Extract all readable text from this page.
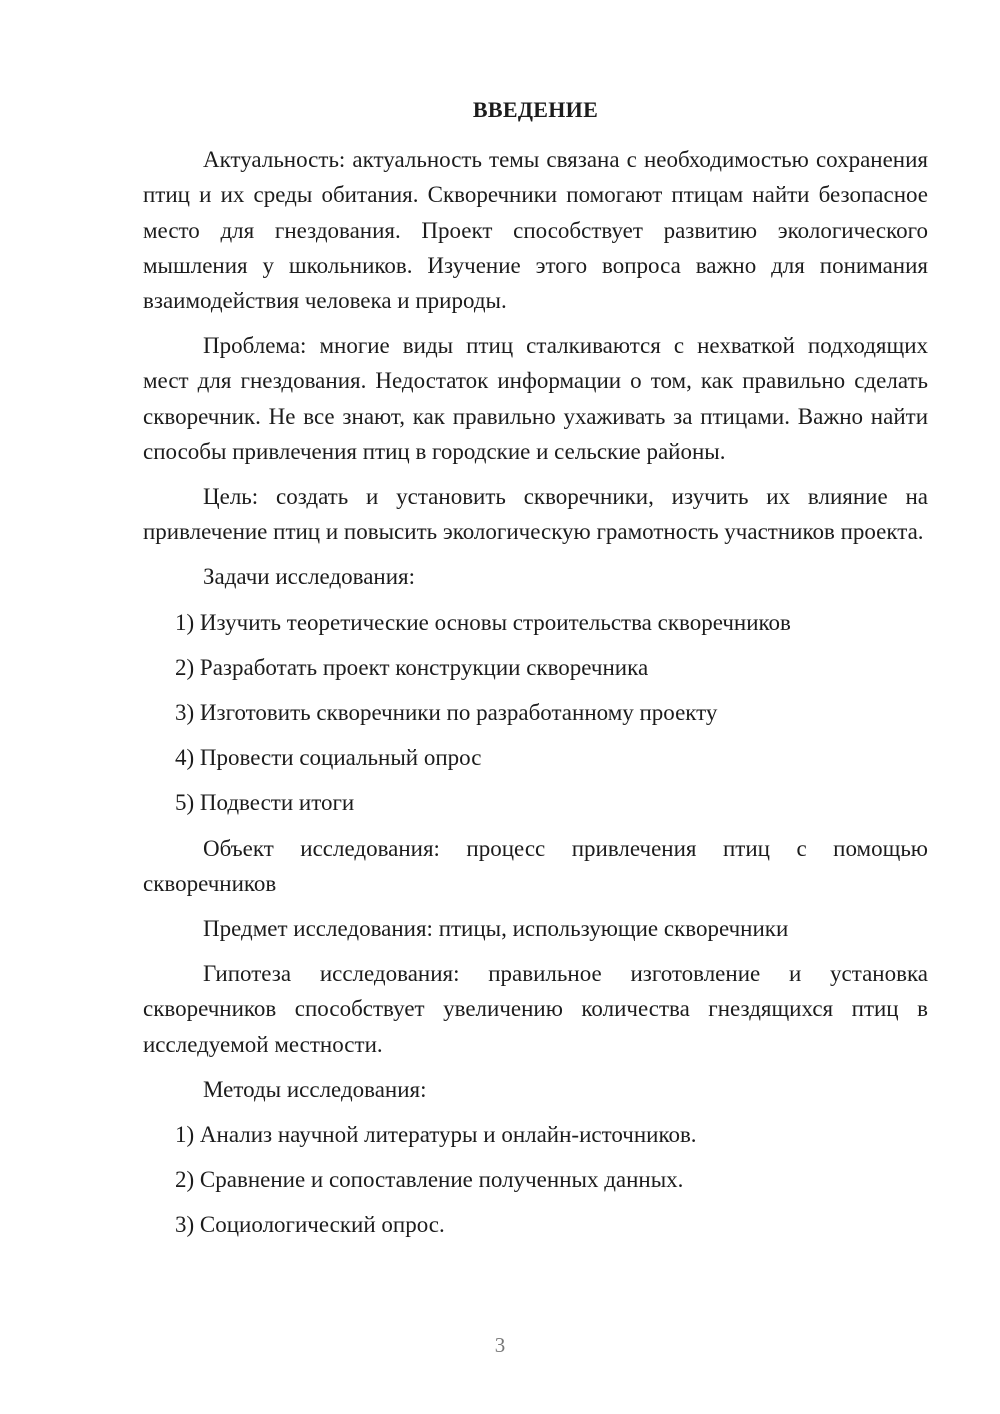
ВВЕДЕНИЕ

Актуальность: актуальность темы связана с необходимостью сохранения птиц и их среды обитания. Скворечники помогают птицам найти безопасное место для гнездования. Проект способствует развитию экологического мышления у школьников. Изучение этого вопроса важно для понимания взаимодействия человека и природы.

Проблема: многие виды птиц сталкиваются с нехваткой подходящих мест для гнездования. Недостаток информации о том, как правильно сделать скворечник. Не все знают, как правильно ухаживать за птицами. Важно найти способы привлечения птиц в городские и сельские районы.

Цель: создать и установить скворечники, изучить их влияние на привлечение птиц и повысить экологическую грамотность участников проекта.

Задачи исследования:
1) Изучить теоретические основы строительства скворечников
2) Разработать проект конструкции скворечника
3) Изготовить скворечники по разработанному проекту
4) Провести социальный опрос
5) Подвести итоги

Объект исследования: процесс привлечения птиц с помощью скворечников

Предмет исследования: птицы, использующие скворечники

Гипотеза исследования: правильное изготовление и установка скворечников способствует увеличению количества гнездящихся птиц в исследуемой местности.

Методы исследования:
1) Анализ научной литературы и онлайн-источников.
2) Сравнение и сопоставление полученных данных.
3) Социологический опрос.
3
